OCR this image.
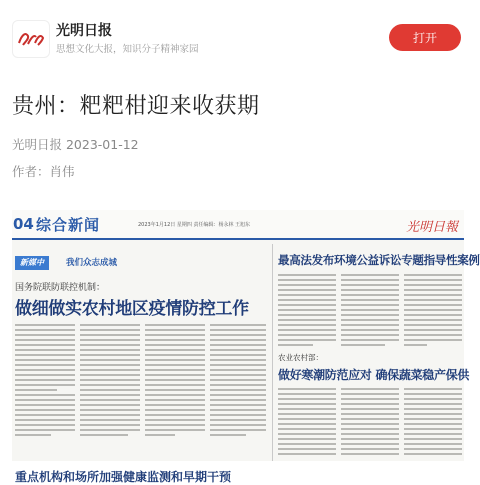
光明日报
思想文化大报，知识分子精神家园
打开
贵州：粑粑柑迎来收获期
光明日报 2023-01-12
作者：肖伟
04 综合新闻	2023年1月12日 星期四 责任编辑：杨永林 王旭东	光明日報
新媒中	我们众志成城
国务院联防联控机制：
做细做实农村地区疫情防控工作
重点机构和场所加强健康监测和早期干预
最高法发布环境公益诉讼专题指导性案例
农业农村部：
做好寒潮防范应对 确保蔬菜稳产保供
